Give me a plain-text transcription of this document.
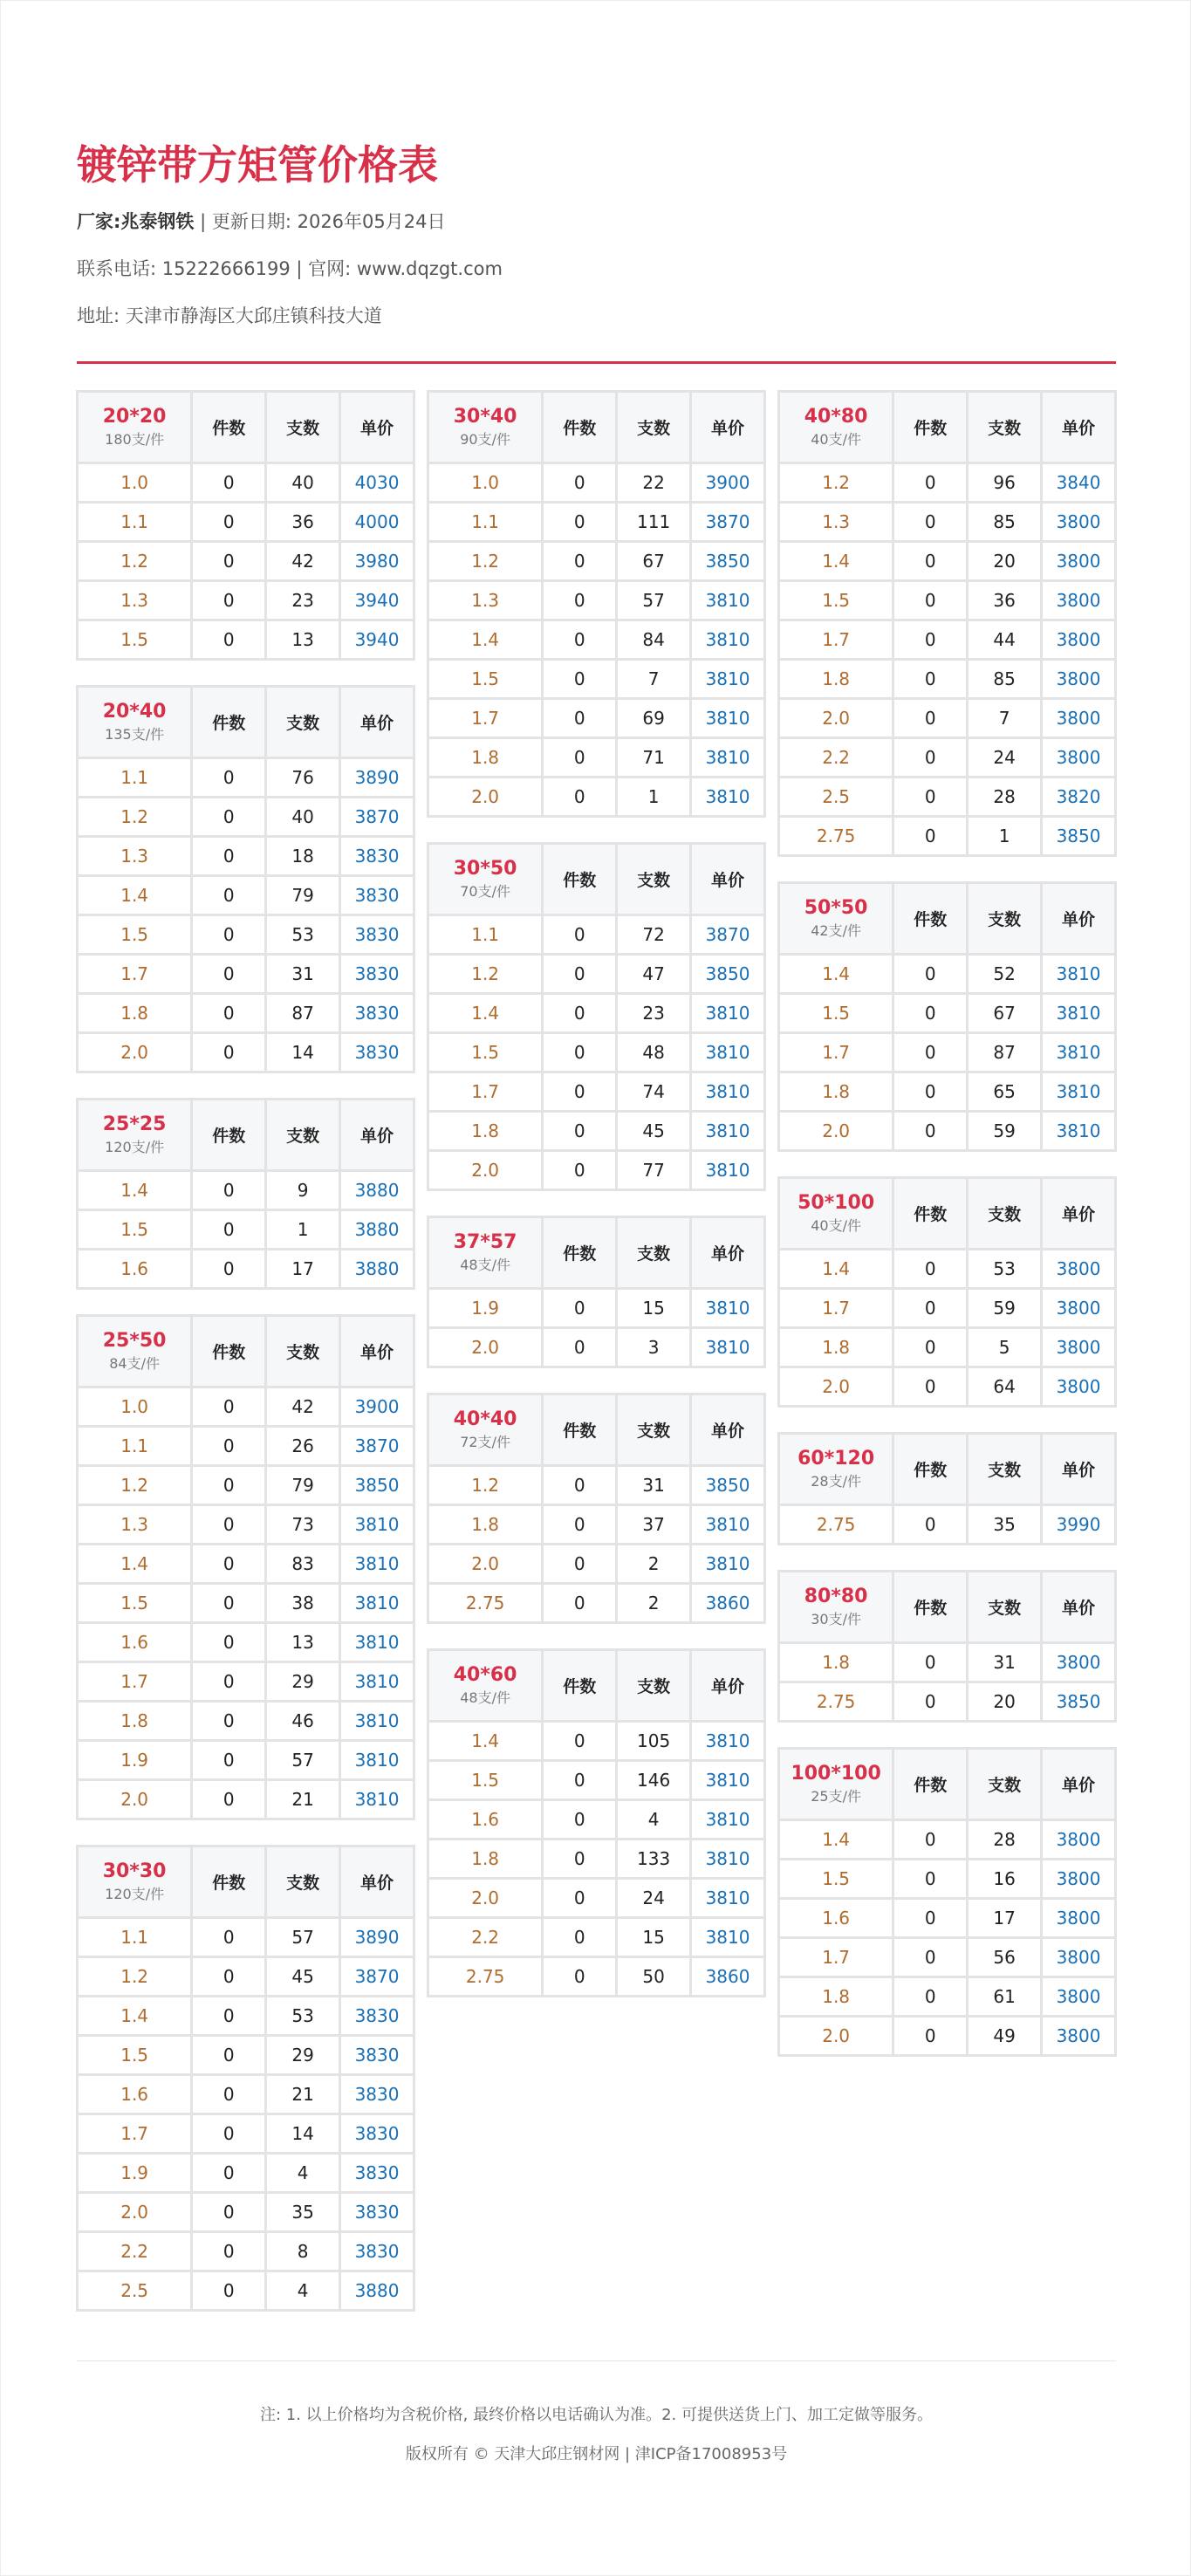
镀锌带方矩管价格表
厂家:兆泰钢铁 | 更新日期: 2026年05月24日
联系电话: 15222666199 | 官网: www.dqzgt.com
地址: 天津市静海区大邱庄镇科技大道
20*20
180支/件	件数	支数	单价
1.0	0	40	4030
1.1	0	36	4000
1.2	0	42	3980
1.3	0	23	3940
1.5	0	13	3940
20*40
135支/件	件数	支数	单价
1.1	0	76	3890
1.2	0	40	3870
1.3	0	18	3830
1.4	0	79	3830
1.5	0	53	3830
1.7	0	31	3830
1.8	0	87	3830
2.0	0	14	3830
25*25
120支/件	件数	支数	单价
1.4	0	9	3880
1.5	0	1	3880
1.6	0	17	3880
25*50
84支/件	件数	支数	单价
1.0	0	42	3900
1.1	0	26	3870
1.2	0	79	3850
1.3	0	73	3810
1.4	0	83	3810
1.5	0	38	3810
1.6	0	13	3810
1.7	0	29	3810
1.8	0	46	3810
1.9	0	57	3810
2.0	0	21	3810
30*30
120支/件	件数	支数	单价
1.1	0	57	3890
1.2	0	45	3870
1.4	0	53	3830
1.5	0	29	3830
1.6	0	21	3830
1.7	0	14	3830
1.9	0	4	3830
2.0	0	35	3830
2.2	0	8	3830
2.5	0	4	3880
30*40
90支/件	件数	支数	单价
1.0	0	22	3900
1.1	0	111	3870
1.2	0	67	3850
1.3	0	57	3810
1.4	0	84	3810
1.5	0	7	3810
1.7	0	69	3810
1.8	0	71	3810
2.0	0	1	3810
30*50
70支/件	件数	支数	单价
1.1	0	72	3870
1.2	0	47	3850
1.4	0	23	3810
1.5	0	48	3810
1.7	0	74	3810
1.8	0	45	3810
2.0	0	77	3810
37*57
48支/件	件数	支数	单价
1.9	0	15	3810
2.0	0	3	3810
40*40
72支/件	件数	支数	单价
1.2	0	31	3850
1.8	0	37	3810
2.0	0	2	3810
2.75	0	2	3860
40*60
48支/件	件数	支数	单价
1.4	0	105	3810
1.5	0	146	3810
1.6	0	4	3810
1.8	0	133	3810
2.0	0	24	3810
2.2	0	15	3810
2.75	0	50	3860
40*80
40支/件	件数	支数	单价
1.2	0	96	3840
1.3	0	85	3800
1.4	0	20	3800
1.5	0	36	3800
1.7	0	44	3800
1.8	0	85	3800
2.0	0	7	3800
2.2	0	24	3800
2.5	0	28	3820
2.75	0	1	3850
50*50
42支/件	件数	支数	单价
1.4	0	52	3810
1.5	0	67	3810
1.7	0	87	3810
1.8	0	65	3810
2.0	0	59	3810
50*100
40支/件	件数	支数	单价
1.4	0	53	3800
1.7	0	59	3800
1.8	0	5	3800
2.0	0	64	3800
60*120
28支/件	件数	支数	单价
2.75	0	35	3990
80*80
30支/件	件数	支数	单价
1.8	0	31	3800
2.75	0	20	3850
100*100
25支/件	件数	支数	单价
1.4	0	28	3800
1.5	0	16	3800
1.6	0	17	3800
1.7	0	56	3800
1.8	0	61	3800
2.0	0	49	3800
注: 1. 以上价格均为含税价格, 最终价格以电话确认为准。2. 可提供送货上门、加工定做等服务。
版权所有 © 天津大邱庄钢材网 | 津ICP备17008953号
